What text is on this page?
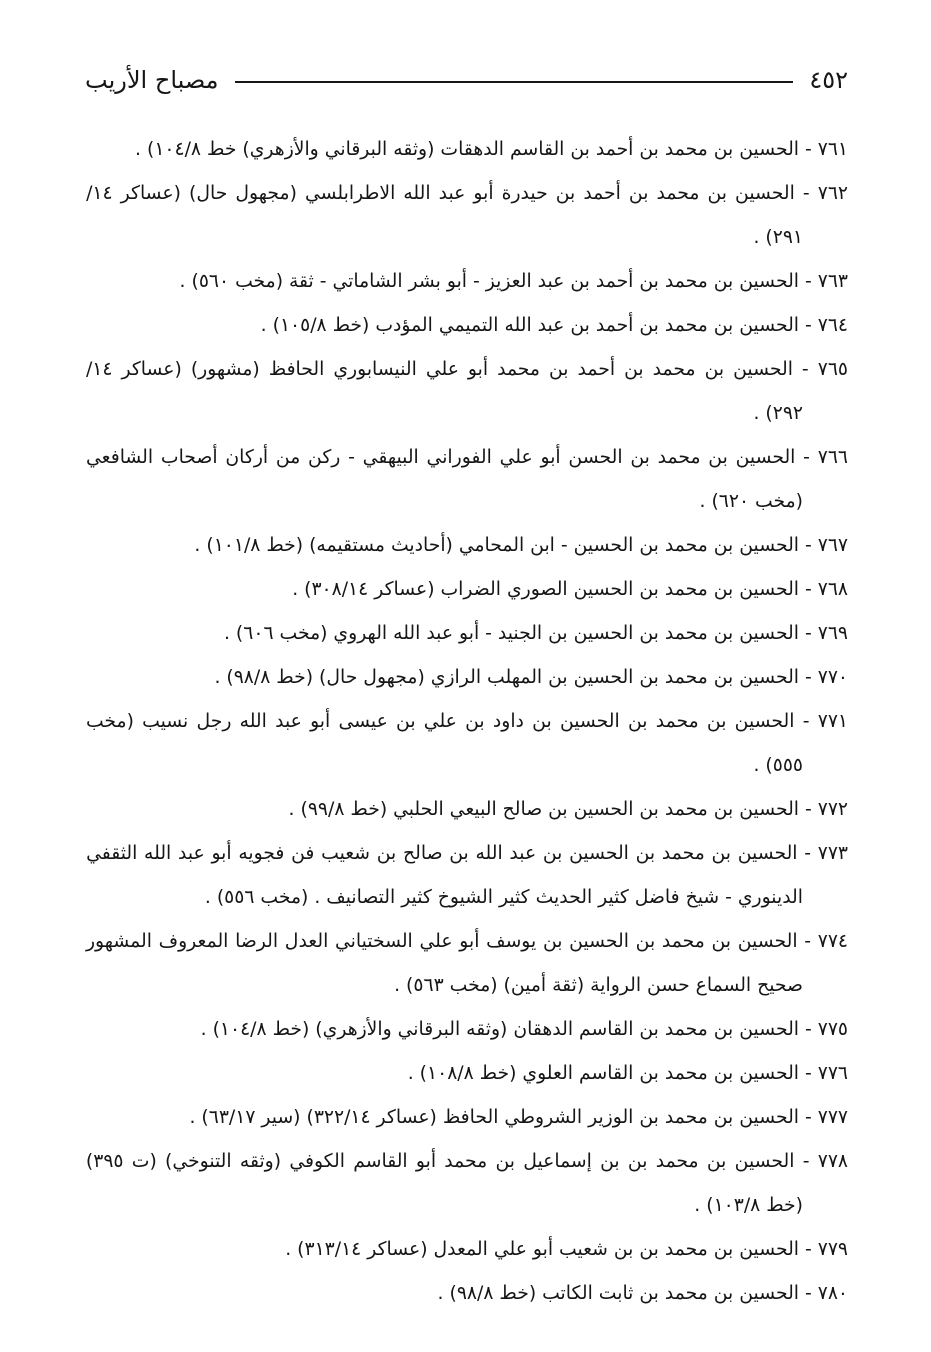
٤٥٢
مصباح الأريب
٧٦١ - الحسين بن محمد بن أحمد بن القاسم الدهقات (وثقه البرقاني والأزهري) خط ١٠٤/٨) .
٧٦٢ - الحسين بن محمد بن أحمد بن حيدرة أبو عبد الله الاطرابلسي (مجهول حال) (عساكر ١٤/
٢٩١) .
٧٦٣ - الحسين بن محمد بن أحمد بن عبد العزيز - أبو بشر الشاماتي - ثقة (مخب ٥٦٠) .
٧٦٤ - الحسين بن محمد بن أحمد بن عبد الله التميمي المؤدب (خط ١٠٥/٨) .
٧٦٥ - الحسين بن محمد بن أحمد بن محمد أبو علي النيسابوري الحافظ (مشهور) (عساكر ١٤/
٢٩٢) .
٧٦٦ - الحسين بن محمد بن الحسن أبو علي الفوراني البيهقي - ركن من أركان أصحاب الشافعي
(مخب ٦٢٠) .
٧٦٧ - الحسين بن محمد بن الحسين - ابن المحامي (أحاديث مستقيمه) (خط ١٠١/٨) .
٧٦٨ - الحسين بن محمد بن الحسين الصوري الضراب (عساكر ٣٠٨/١٤) .
٧٦٩ - الحسين بن محمد بن الحسين بن الجنيد - أبو عبد الله الهروي (مخب ٦٠٦) .
٧٧٠ - الحسين بن محمد بن الحسين بن المهلب الرازي (مجهول حال) (خط ٩٨/٨) .
٧٧١ - الحسين بن محمد بن الحسين بن داود بن علي بن عيسى أبو عبد الله رجل نسيب (مخب
٥٥٥) .
٧٧٢ - الحسين بن محمد بن الحسين بن صالح البيعي الحلبي (خط ٩٩/٨) .
٧٧٣ - الحسين بن محمد بن الحسين بن عبد الله بن صالح بن شعيب فن فجويه أبو عبد الله الثقفي
الدينوري - شيخ فاضل كثير الحديث كثير الشيوخ كثير التصانيف . (مخب ٥٥٦) .
٧٧٤ - الحسين بن محمد بن الحسين بن يوسف أبو علي السختياني العدل الرضا المعروف المشهور
صحيح السماع حسن الرواية (ثقة أمين) (مخب ٥٦٣) .
٧٧٥ - الحسين بن محمد بن القاسم الدهقان (وثقه البرقاني والأزهري) (خط ١٠٤/٨) .
٧٧٦ - الحسين بن محمد بن القاسم العلوي (خط ١٠٨/٨) .
٧٧٧ - الحسين بن محمد بن الوزير الشروطي الحافظ (عساكر ٣٢٢/١٤) (سير ٦٣/١٧) .
٧٧٨ - الحسين بن محمد بن بن إسماعيل بن محمد أبو القاسم الكوفي (وثقه التنوخي) (ت ٣٩٥)
(خط ١٠٣/٨) .
٧٧٩ - الحسين بن محمد بن بن شعيب أبو علي المعدل (عساكر ٣١٣/١٤) .
٧٨٠ - الحسين بن محمد بن ثابت الكاتب (خط ٩٨/٨) .
